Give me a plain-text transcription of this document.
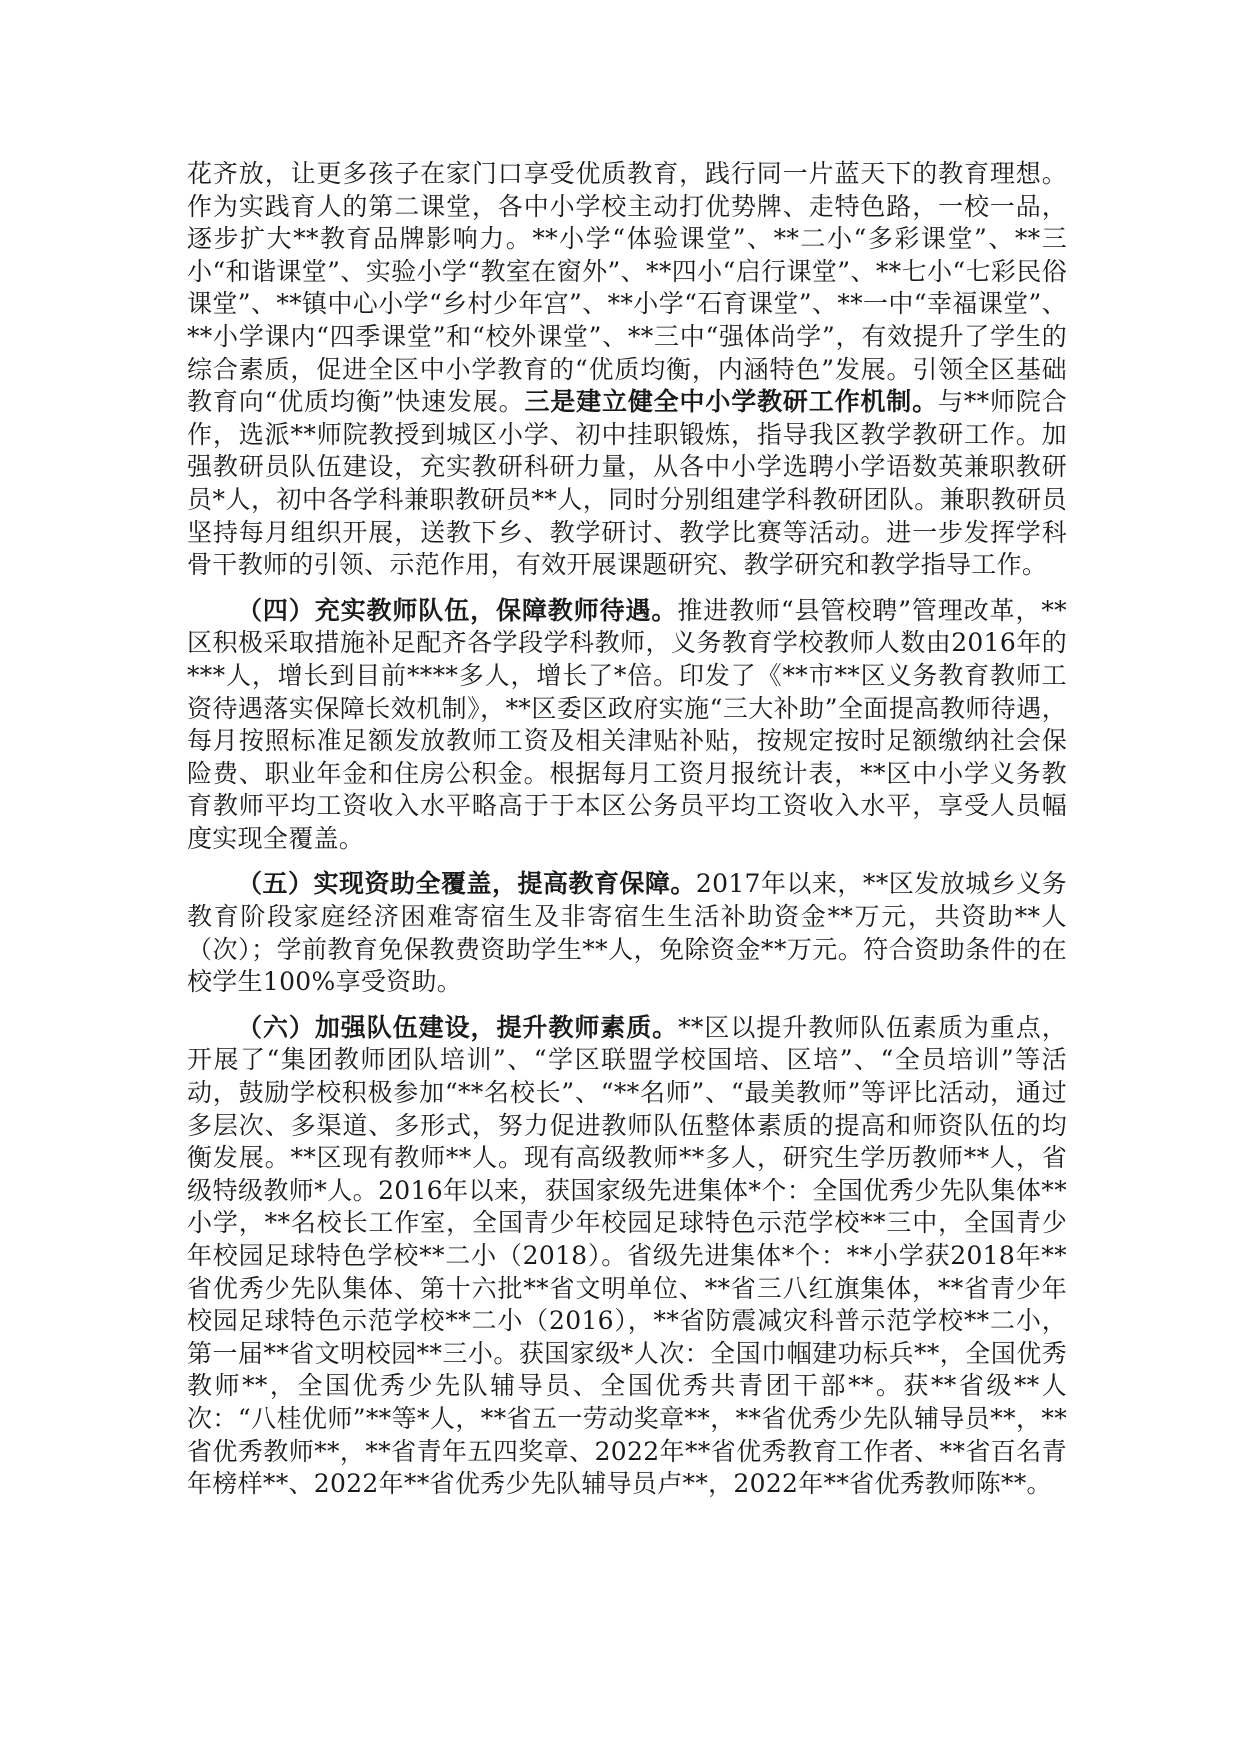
花齐放，让更多孩子在家门口享受优质教育，践行同一片蓝天下的教育理想。作为实践育人的第二课堂，各中小学校主动打优势牌、走特色路，一校一品，逐步扩大**教育品牌影响力。**小学“体验课堂”、**二小“多彩课堂”、**三小“和谐课堂”、实验小学“教室在窗外”、**四小“启行课堂”、**七小“七彩民俗课堂”、**镇中心小学“乡村少年宫”、**小学“石育课堂”、**一中“幸福课堂”、**小学课内“四季课堂”和“校外课堂”、**三中“强体尚学”，有效提升了学生的综合素质，促进全区中小学教育的“优质均衡，内涵特色”发展。引领全区基础教育向“优质均衡”快速发展。三是建立健全中小学教研工作机制。与**师院合作，选派**师院教授到城区小学、初中挂职锻炼，指导我区教学教研工作。加强教研员队伍建设，充实教研科研力量，从各中小学选聘小学语数英兼职教研员*人，初中各学科兼职教研员**人，同时分别组建学科教研团队。兼职教研员坚持每月组织开展，送教下乡、教学研讨、教学比赛等活动。进一步发挥学科骨干教师的引领、示范作用，有效开展课题研究、教学研究和教学指导工作。

（四）充实教师队伍，保障教师待遇。推进教师“县管校聘”管理改革，**区积极采取措施补足配齐各学段学科教师，义务教育学校教师人数由2016年的***人，增长到目前****多人，增长了*倍。印发了《**市**区义务教育教师工资待遇落实保障长效机制》，**区委区政府实施“三大补助”全面提高教师待遇，每月按照标准足额发放教师工资及相关津贴补贴，按规定按时足额缴纳社会保险费、职业年金和住房公积金。根据每月工资月报统计表，**区中小学义务教育教师平均工资收入水平略高于于本区公务员平均工资收入水平，享受人员幅度实现全覆盖。

（五）实现资助全覆盖，提高教育保障。2017年以来，**区发放城乡义务教育阶段家庭经济困难寄宿生及非寄宿生生活补助资金**万元，共资助**人（次）；学前教育免保教费资助学生**人，免除资金**万元。符合资助条件的在校学生100%享受资助。

（六）加强队伍建设，提升教师素质。**区以提升教师队伍素质为重点，开展了“集团教师团队培训”、“学区联盟学校国培、区培”、“全员培训”等活动，鼓励学校积极参加“**名校长”、“**名师”、“最美教师”等评比活动，通过多层次、多渠道、多形式，努力促进教师队伍整体素质的提高和师资队伍的均衡发展。**区现有教师**人。现有高级教师**多人，研究生学历教师**人，省级特级教师*人。2016年以来，获国家级先进集体*个：全国优秀少先队集体**小学，**名校长工作室，全国青少年校园足球特色示范学校**三中，全国青少年校园足球特色学校**二小（2018）。省级先进集体*个：**小学获2018年**省优秀少先队集体、第十六批**省文明单位、**省三八红旗集体，**省青少年校园足球特色示范学校**二小（2016），**省防震减灾科普示范学校**二小，第一届**省文明校园**三小。获国家级*人次：全国巾帼建功标兵**，全国优秀教师**，全国优秀少先队辅导员、全国优秀共青团干部**。获**省级**人次：“八桂优师”**等*人，**省五一劳动奖章**，**省优秀少先队辅导员**，**省优秀教师**，**省青年五四奖章、2022年**省优秀教育工作者、**省百名青年榜样**、2022年**省优秀少先队辅导员卢**，2022年**省优秀教师陈**。
